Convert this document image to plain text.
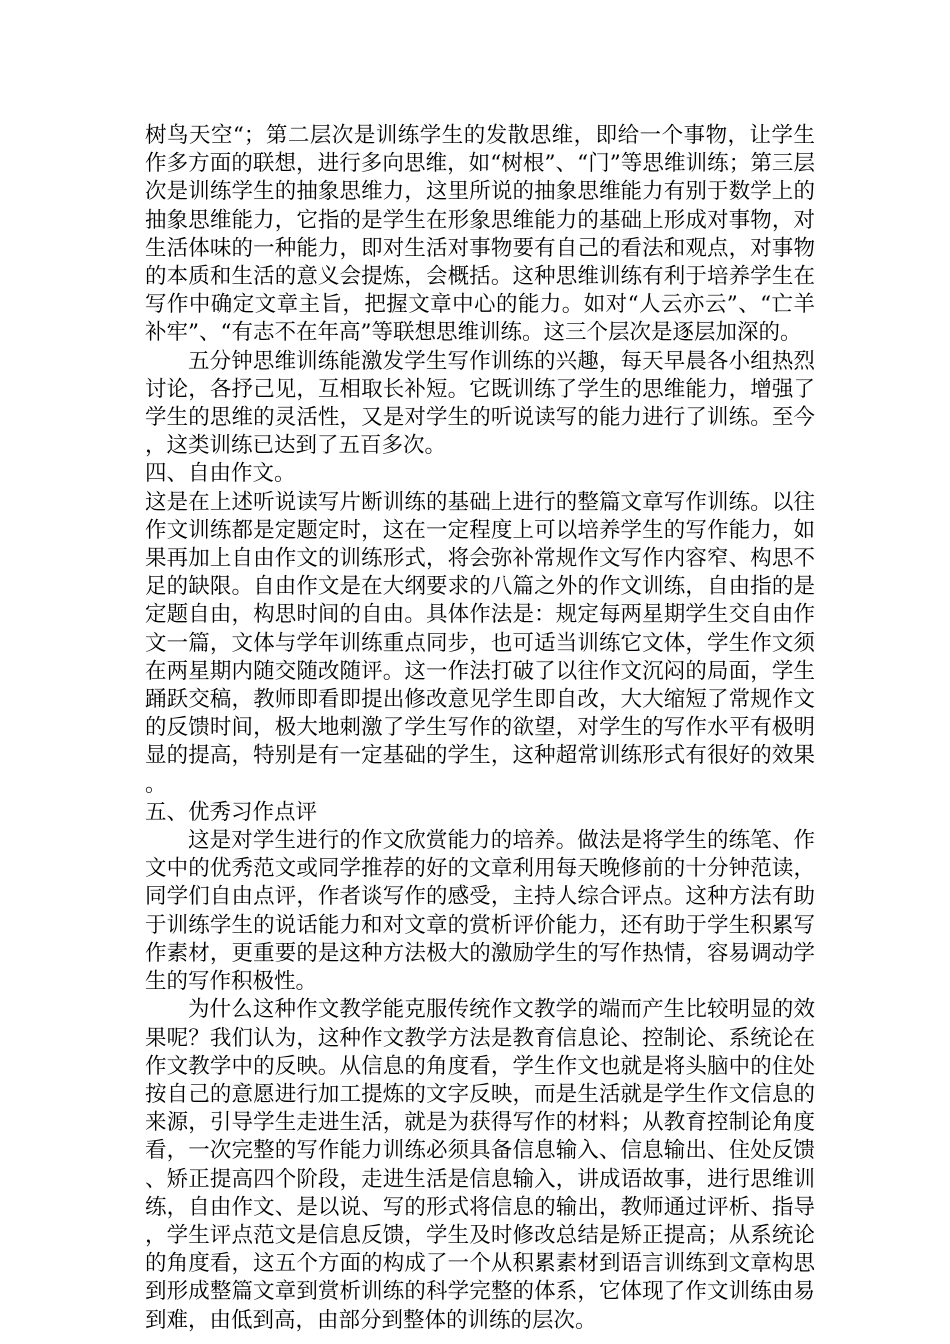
树鸟天空“；第二层次是训练学生的发散思维，即给一个事物，让学生作多方面的联想，进行多向思维，如“树根”、“门”等思维训练；第三层次是训练学生的抽象思维力，这里所说的抽象思维能力有别于数学上的抽象思维能力，它指的是学生在形象思维能力的基础上形成对事物，对生活体味的一种能力，即对生活对事物要有自己的看法和观点，对事物的本质和生活的意义会提炼，会概括。这种思维训练有利于培养学生在写作中确定文章主旨，把握文章中心的能力。如对“人云亦云”、“亡羊补牢”、“有志不在年高”等联想思维训练。这三个层次是逐层加深的。

五分钟思维训练能激发学生写作训练的兴趣，每天早晨各小组热烈讨论，各抒己见，互相取长补短。它既训练了学生的思维能力，增强了学生的思维的灵活性，又是对学生的听说读写的能力进行了训练。至今，这类训练已达到了五百多次。

四、自由作文。

这是在上述听说读写片断训练的基础上进行的整篇文章写作训练。以往作文训练都是定题定时，这在一定程度上可以培养学生的写作能力，如果再加上自由作文的训练形式，将会弥补常规作文写作内容窄、构思不足的缺限。自由作文是在大纲要求的八篇之外的作文训练，自由指的是定题自由，构思时间的自由。具体作法是：规定每两星期学生交自由作文一篇，文体与学年训练重点同步，也可适当训练它文体，学生作文须在两星期内随交随改随评。这一作法打破了以往作文沉闷的局面，学生踊跃交稿，教师即看即提出修改意见学生即自改，大大缩短了常规作文的反馈时间，极大地刺激了学生写作的欲望，对学生的写作水平有极明显的提高，特别是有一定基础的学生，这种超常训练形式有很好的效果。

五、优秀习作点评

这是对学生进行的作文欣赏能力的培养。做法是将学生的练笔、作文中的优秀范文或同学推荐的好的文章利用每天晚修前的十分钟范读，同学们自由点评，作者谈写作的感受，主持人综合评点。这种方法有助于训练学生的说话能力和对文章的赏析评价能力，还有助于学生积累写作素材，更重要的是这种方法极大的激励学生的写作热情，容易调动学生的写作积极性。

为什么这种作文教学能克服传统作文教学的端而产生比较明显的效果呢？我们认为，这种作文教学方法是教育信息论、控制论、系统论在作文教学中的反映。从信息的角度看，学生作文也就是将头脑中的住处按自己的意愿进行加工提炼的文字反映，而是生活就是学生作文信息的来源，引导学生走进生活，就是为获得写作的材料；从教育控制论角度看，一次完整的写作能力训练必须具备信息输入、信息输出、住处反馈、矫正提高四个阶段，走进生活是信息输入，讲成语故事，进行思维训练，自由作文、是以说、写的形式将信息的输出，教师通过评析、指导，学生评点范文是信息反馈，学生及时修改总结是矫正提高；从系统论的角度看，这五个方面的构成了一个从积累素材到语言训练到文章构思到形成整篇文章到赏析训练的科学完整的体系，它体现了作文训练由易到难，由低到高，由部分到整体的训练的层次。
